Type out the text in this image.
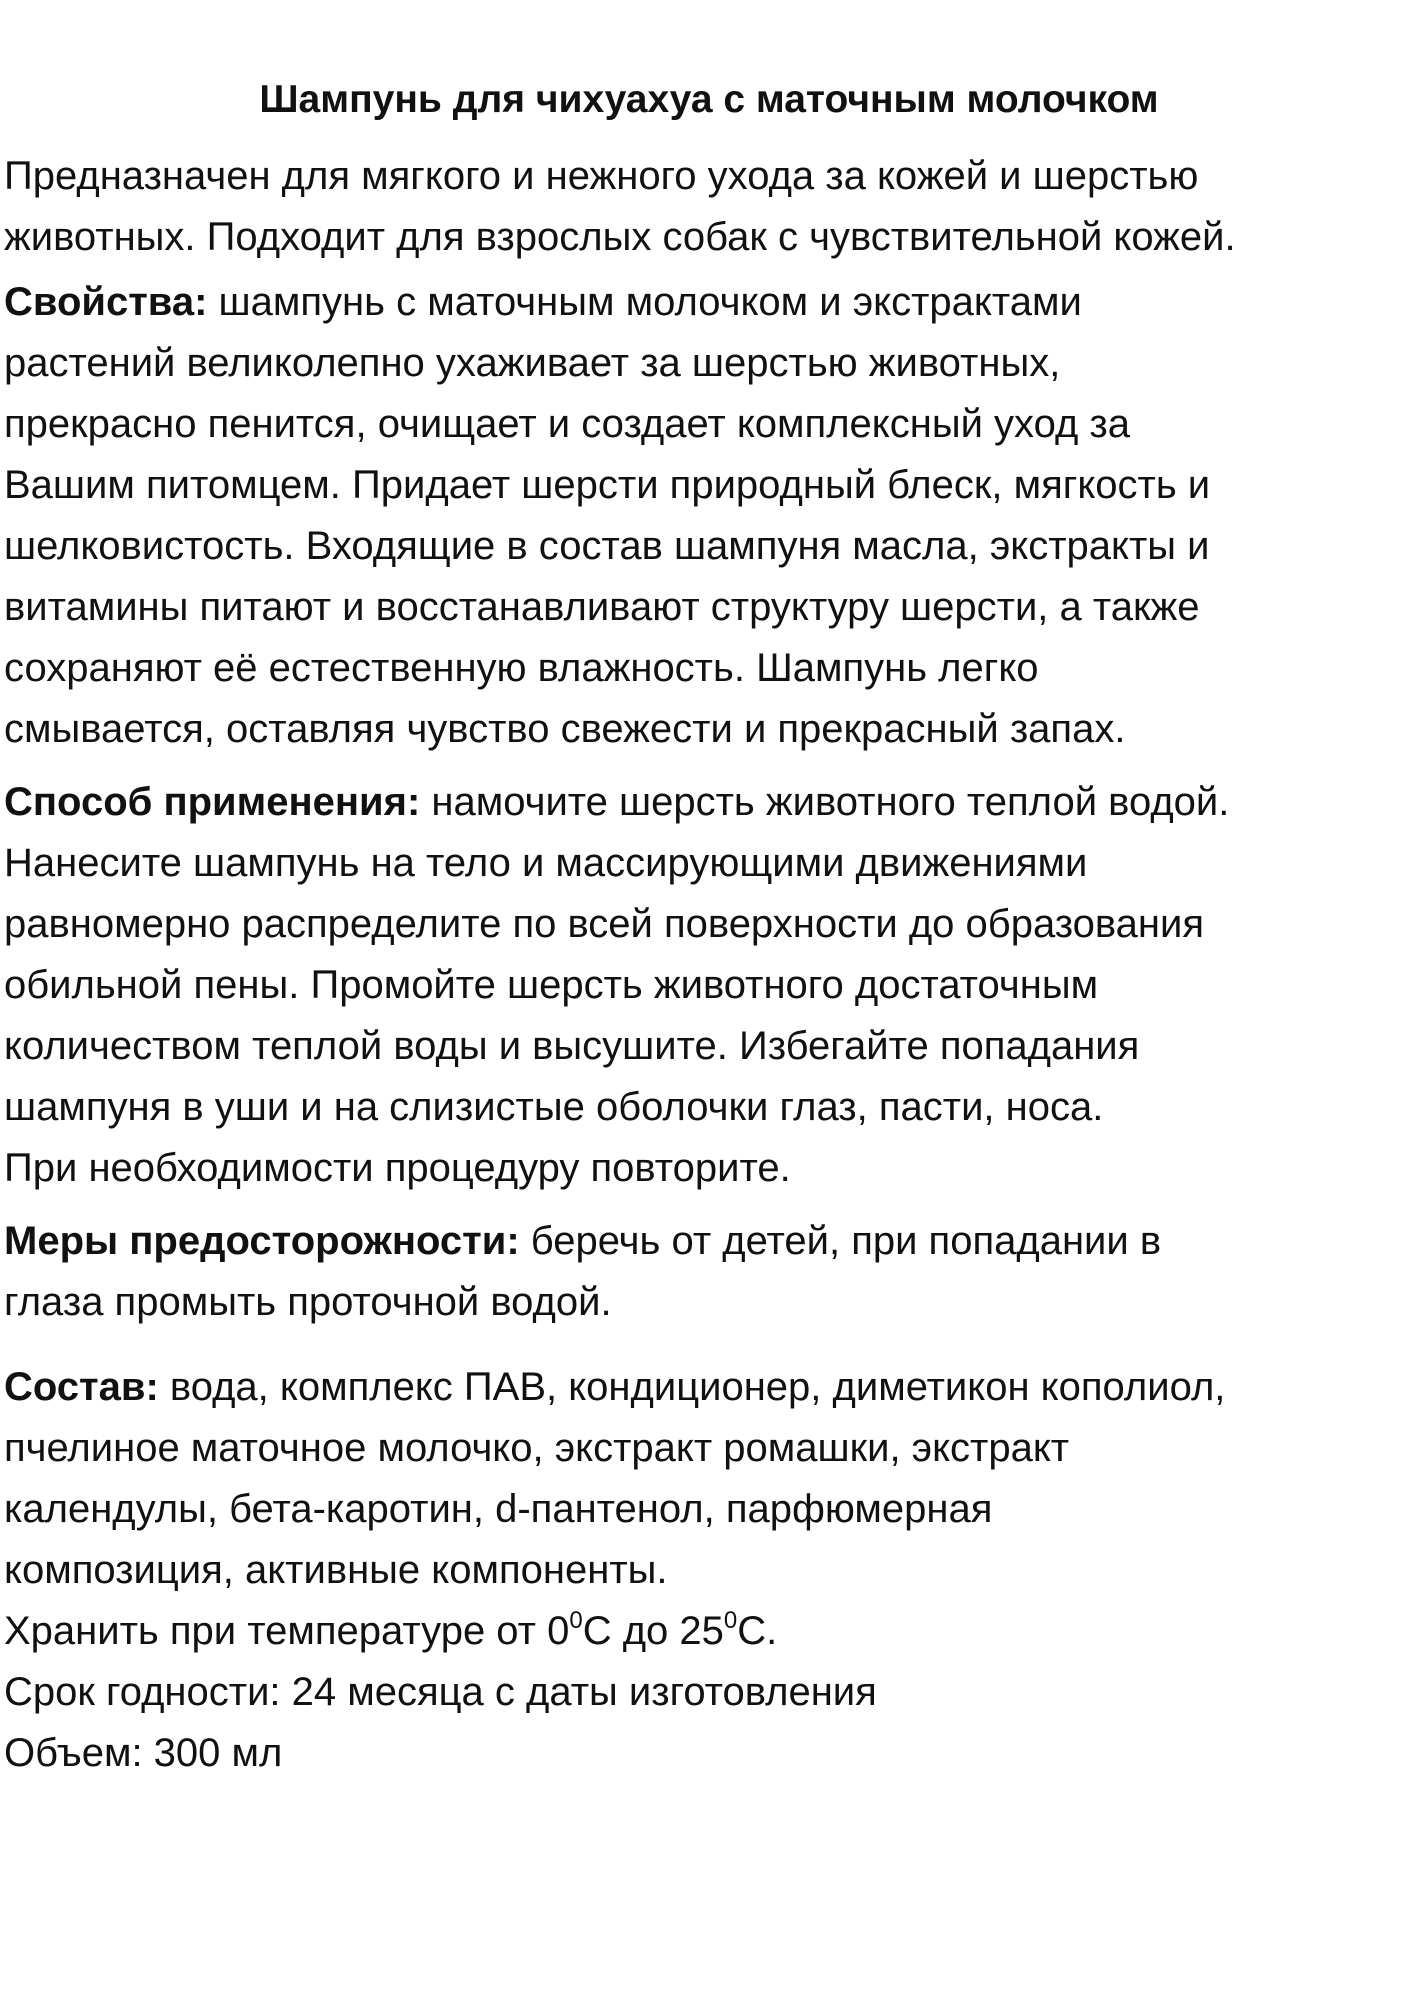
Шампунь для чихуахуа с маточным молочком
Предназначен для мягкого и нежного ухода за кожей и шерстью
животных. Подходит для взрослых собак с чувствительной кожей.
Свойства: шампунь с маточным молочком и экстрактами
растений великолепно ухаживает за шерстью животных,
прекрасно пенится, очищает и создает комплексный уход за
Вашим питомцем. Придает шерсти природный блеск, мягкость и
шелковистость. Входящие в состав шампуня масла, экстракты и
витамины питают и восстанавливают структуру шерсти, а также
сохраняют её естественную влажность. Шампунь легко
смывается, оставляя чувство свежести и прекрасный запах.
Способ применения: намочите шерсть животного теплой водой.
Нанесите шампунь на тело и массирующими движениями
равномерно распределите по всей поверхности до образования
обильной пены. Промойте шерсть животного достаточным
количеством теплой воды и высушите. Избегайте попадания
шампуня в уши и на слизистые оболочки глаз, пасти, носа.
При необходимости процедуру повторите.
Меры предосторожности: беречь от детей, при попадании в
глаза промыть проточной водой.
Состав: вода, комплекс ПАВ, кондиционер, диметикон кополиол,
пчелиное маточное молочко, экстракт ромашки, экстракт
календулы, бета-каротин, d-пантенол, парфюмерная
композиция, активные компоненты.
Хранить при температуре от $0^0С$ до $25^0С$.
Срок годности: 24 месяца с даты изготовления
Объем: 300 мл
